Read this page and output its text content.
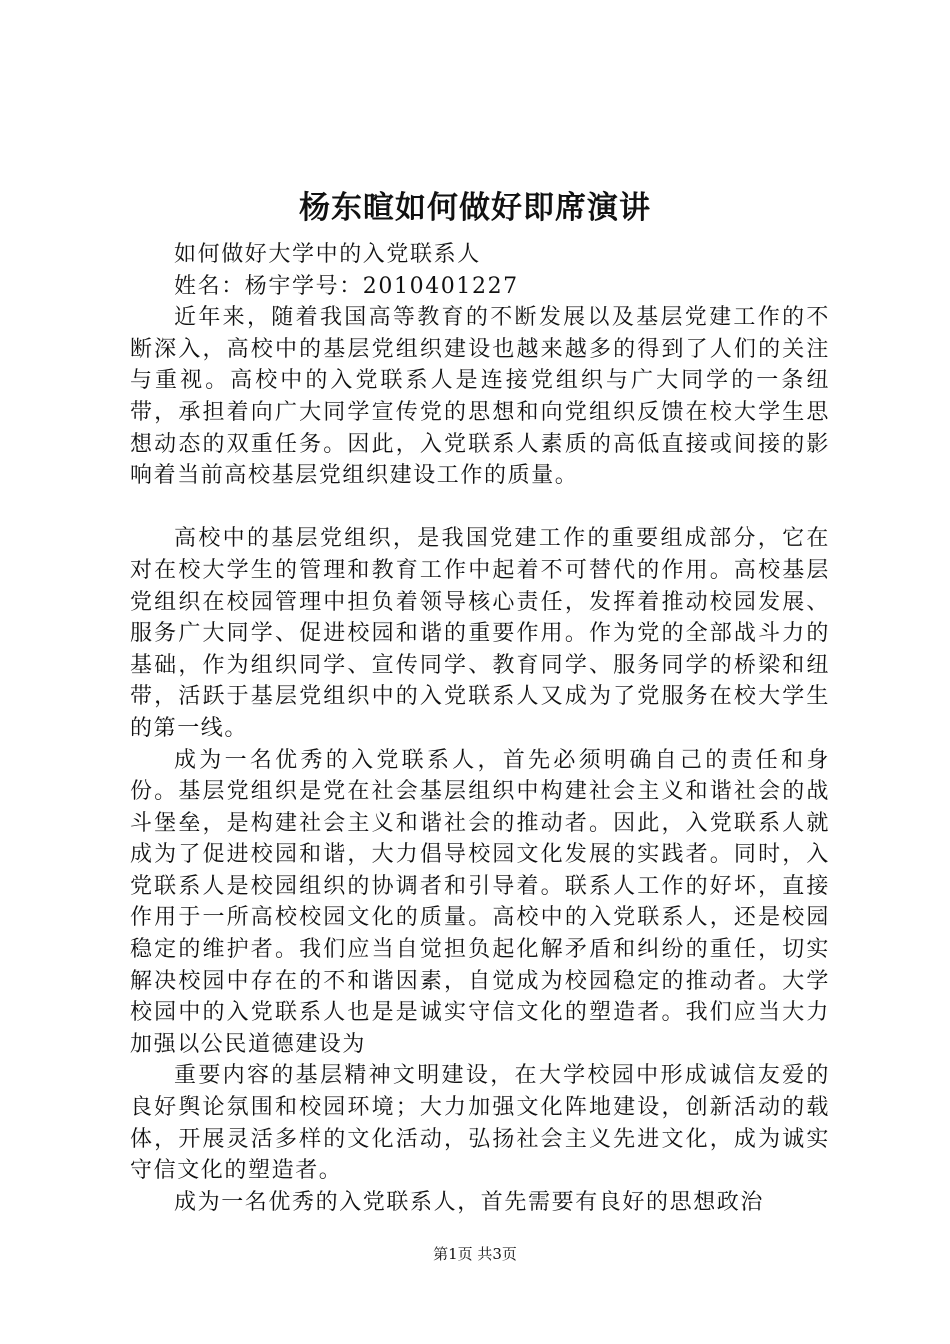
杨东暄如何做好即席演讲

如何做好大学中的入党联系人

姓名：杨宇学号：2010401227

近年来，随着我国高等教育的不断发展以及基层党建工作的不断深入，高校中的基层党组织建设也越来越多的得到了人们的关注与重视。高校中的入党联系人是连接党组织与广大同学的一条纽带，承担着向广大同学宣传党的思想和向党组织反馈在校大学生思想动态的双重任务。因此，入党联系人素质的高低直接或间接的影响着当前高校基层党组织建设工作的质量。

高校中的基层党组织，是我国党建工作的重要组成部分，它在对在校大学生的管理和教育工作中起着不可替代的作用。高校基层党组织在校园管理中担负着领导核心责任，发挥着推动校园发展、服务广大同学、促进校园和谐的重要作用。作为党的全部战斗力的基础，作为组织同学、宣传同学、教育同学、服务同学的桥梁和纽带，活跃于基层党组织中的入党联系人又成为了党服务在校大学生的第一线。

成为一名优秀的入党联系人，首先必须明确自己的责任和身份。基层党组织是党在社会基层组织中构建社会主义和谐社会的战斗堡垒，是构建社会主义和谐社会的推动者。因此，入党联系人就成为了促进校园和谐，大力倡导校园文化发展的实践者。同时，入党联系人是校园组织的协调者和引导着。联系人工作的好坏，直接作用于一所高校校园文化的质量。高校中的入党联系人，还是校园稳定的维护者。我们应当自觉担负起化解矛盾和纠纷的重任，切实解决校园中存在的不和谐因素，自觉成为校园稳定的推动者。大学校园中的入党联系人也是是诚实守信文化的塑造者。我们应当大力加强以公民道德建设为

重要内容的基层精神文明建设，在大学校园中形成诚信友爱的良好舆论氛围和校园环境；大力加强文化阵地建设，创新活动的载体，开展灵活多样的文化活动，弘扬社会主义先进文化，成为诚实守信文化的塑造者。

成为一名优秀的入党联系人，首先需要有良好的思想政治

第1页 共3页
